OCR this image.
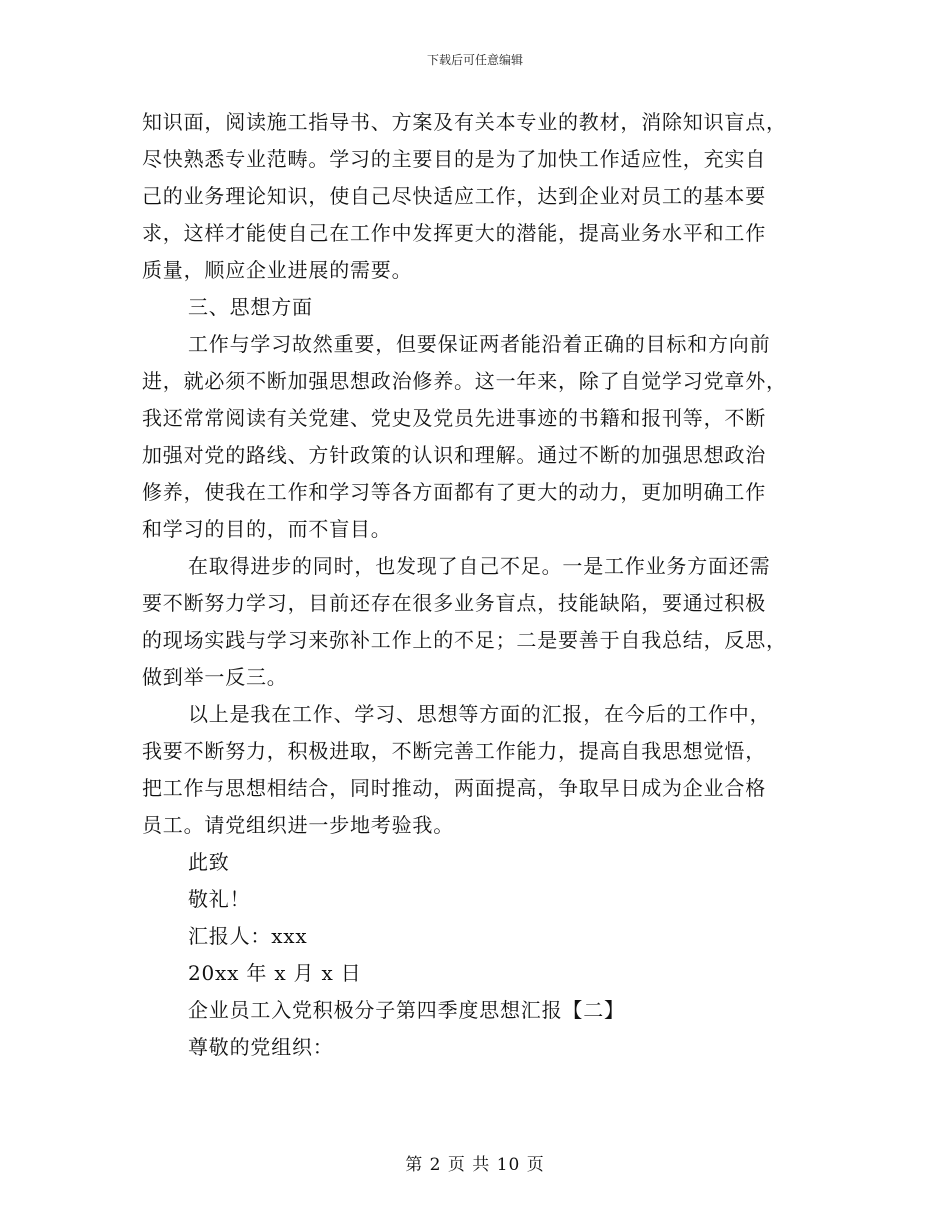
下载后可任意编辑
知识面，阅读施工指导书、方案及有关本专业的教材，消除知识盲点，
尽快熟悉专业范畴。学习的主要目的是为了加快工作适应性，充实自
己的业务理论知识，使自己尽快适应工作，达到企业对员工的基本要
求，这样才能使自己在工作中发挥更大的潜能，提高业务水平和工作
质量，顺应企业进展的需要。
三、思想方面
工作与学习故然重要，但要保证两者能沿着正确的目标和方向前
进，就必须不断加强思想政治修养。这一年来，除了自觉学习党章外，
我还常常阅读有关党建、党史及党员先进事迹的书籍和报刊等，不断
加强对党的路线、方针政策的认识和理解。通过不断的加强思想政治
修养，使我在工作和学习等各方面都有了更大的动力，更加明确工作
和学习的目的，而不盲目。
在取得进步的同时，也发现了自己不足。一是工作业务方面还需
要不断努力学习，目前还存在很多业务盲点，技能缺陷，要通过积极
的现场实践与学习来弥补工作上的不足；二是要善于自我总结，反思，
做到举一反三。
以上是我在工作、学习、思想等方面的汇报，在今后的工作中，
我要不断努力，积极进取，不断完善工作能力，提高自我思想觉悟，
把工作与思想相结合，同时推动，两面提高，争取早日成为企业合格
员工。请党组织进一步地考验我。
此致
敬礼！
汇报人：xxx
20xx 年 x 月 x 日
企业员工入党积极分子第四季度思想汇报【二】
尊敬的党组织：
第 2 页 共 10 页
